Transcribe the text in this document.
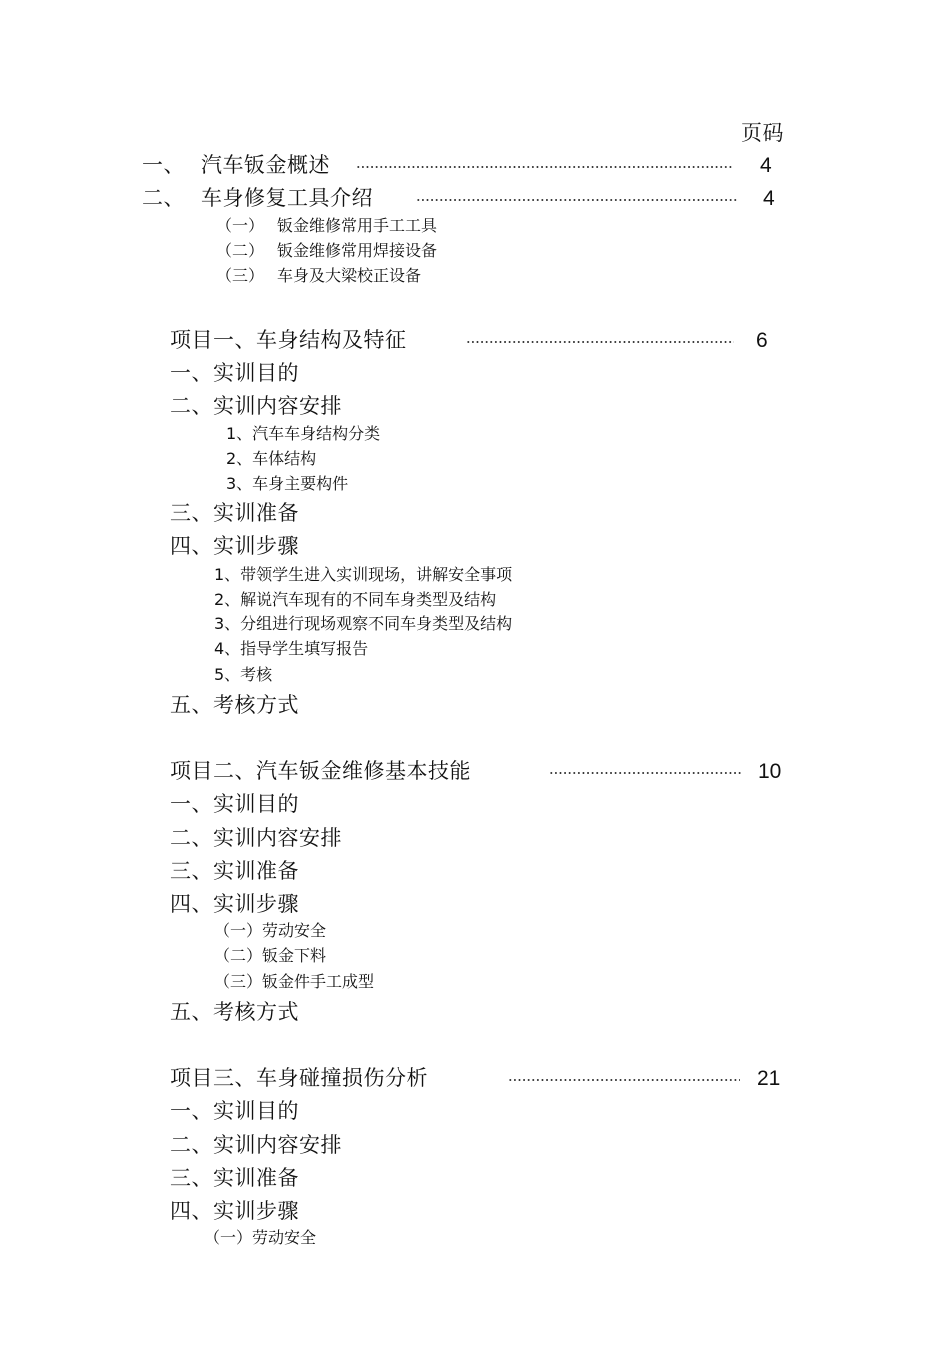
页码
一、 汽车钣金概述	4
二、 车身修复工具介绍	4
（一） 钣金维修常用手工工具
（二） 钣金维修常用焊接设备
（三） 车身及大梁校正设备
项目一、车身结构及特征	6
一、实训目的
二、实训内容安排
1、汽车车身结构分类
2、车体结构
3、车身主要构件
三、实训准备
四、实训步骤
1、带领学生进入实训现场，讲解安全事项
2、解说汽车现有的不同车身类型及结构
3、分组进行现场观察不同车身类型及结构
4、指导学生填写报告
5、考核
五、考核方式
项目二、汽车钣金维修基本技能	10
一、实训目的
二、实训内容安排
三、实训准备
四、实训步骤
（一）劳动安全
（二）钣金下料
（三）钣金件手工成型
五、考核方式
项目三、车身碰撞损伤分析	21
一、实训目的
二、实训内容安排
三、实训准备
四、实训步骤
（一）劳动安全
